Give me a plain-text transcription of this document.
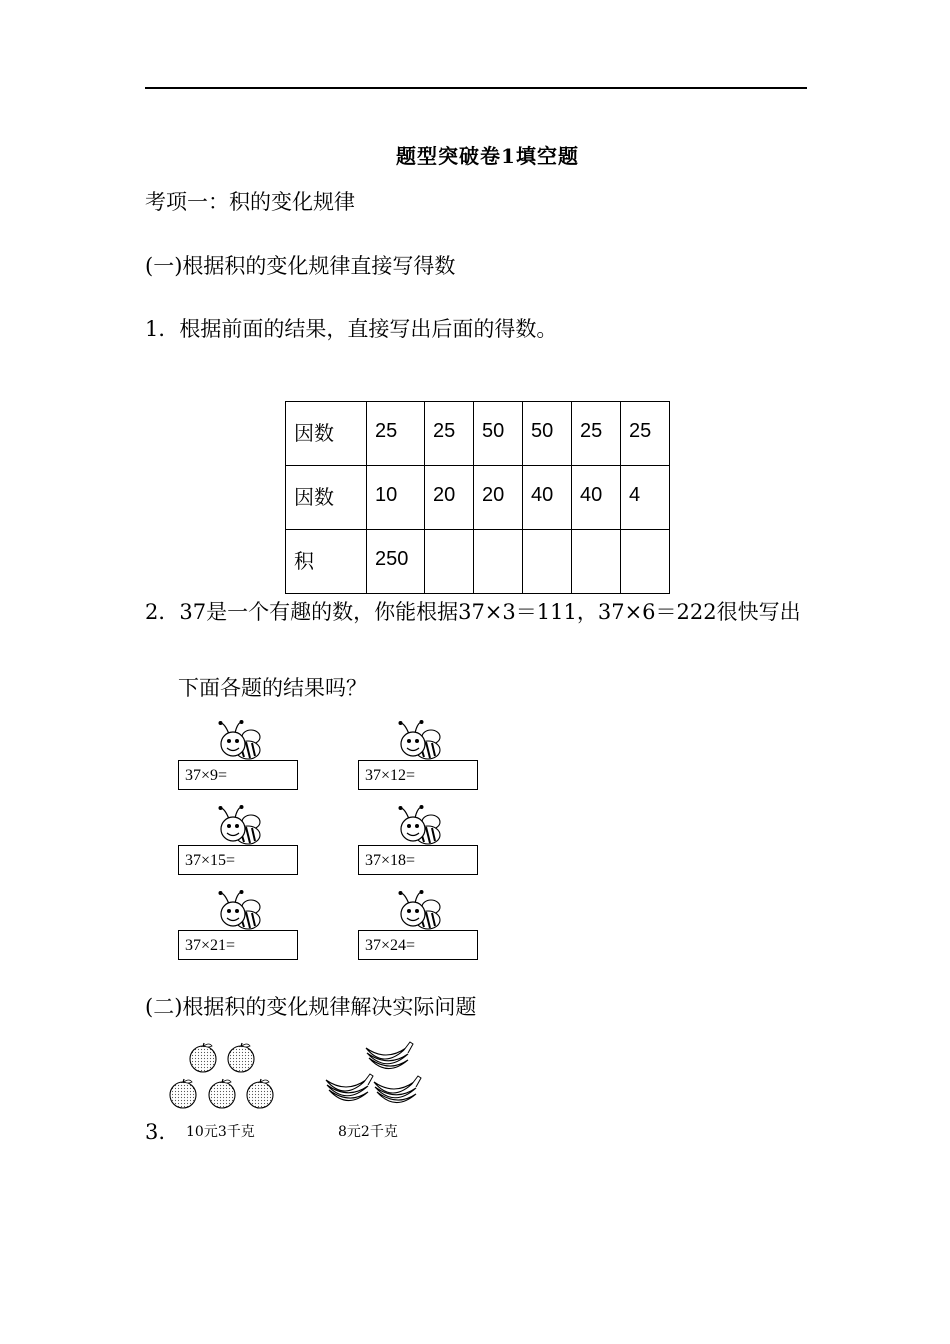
题型突破卷1填空题
考项一：积的变化规律
(一)根据积的变化规律直接写得数
1．根据前面的结果，直接写出后面的得数。
因数	25	25	50	50	25	25
因数	10	20	20	40	40	4
积	250					
2．37是一个有趣的数，你能根据37×3＝111，37×6＝222很快写出
下面各题的结果吗？
37×9=	37×12=
37×15=	37×18=
37×21=	37×24=
(二)根据积的变化规律解决实际问题
3. 10元3千克	8元2千克
